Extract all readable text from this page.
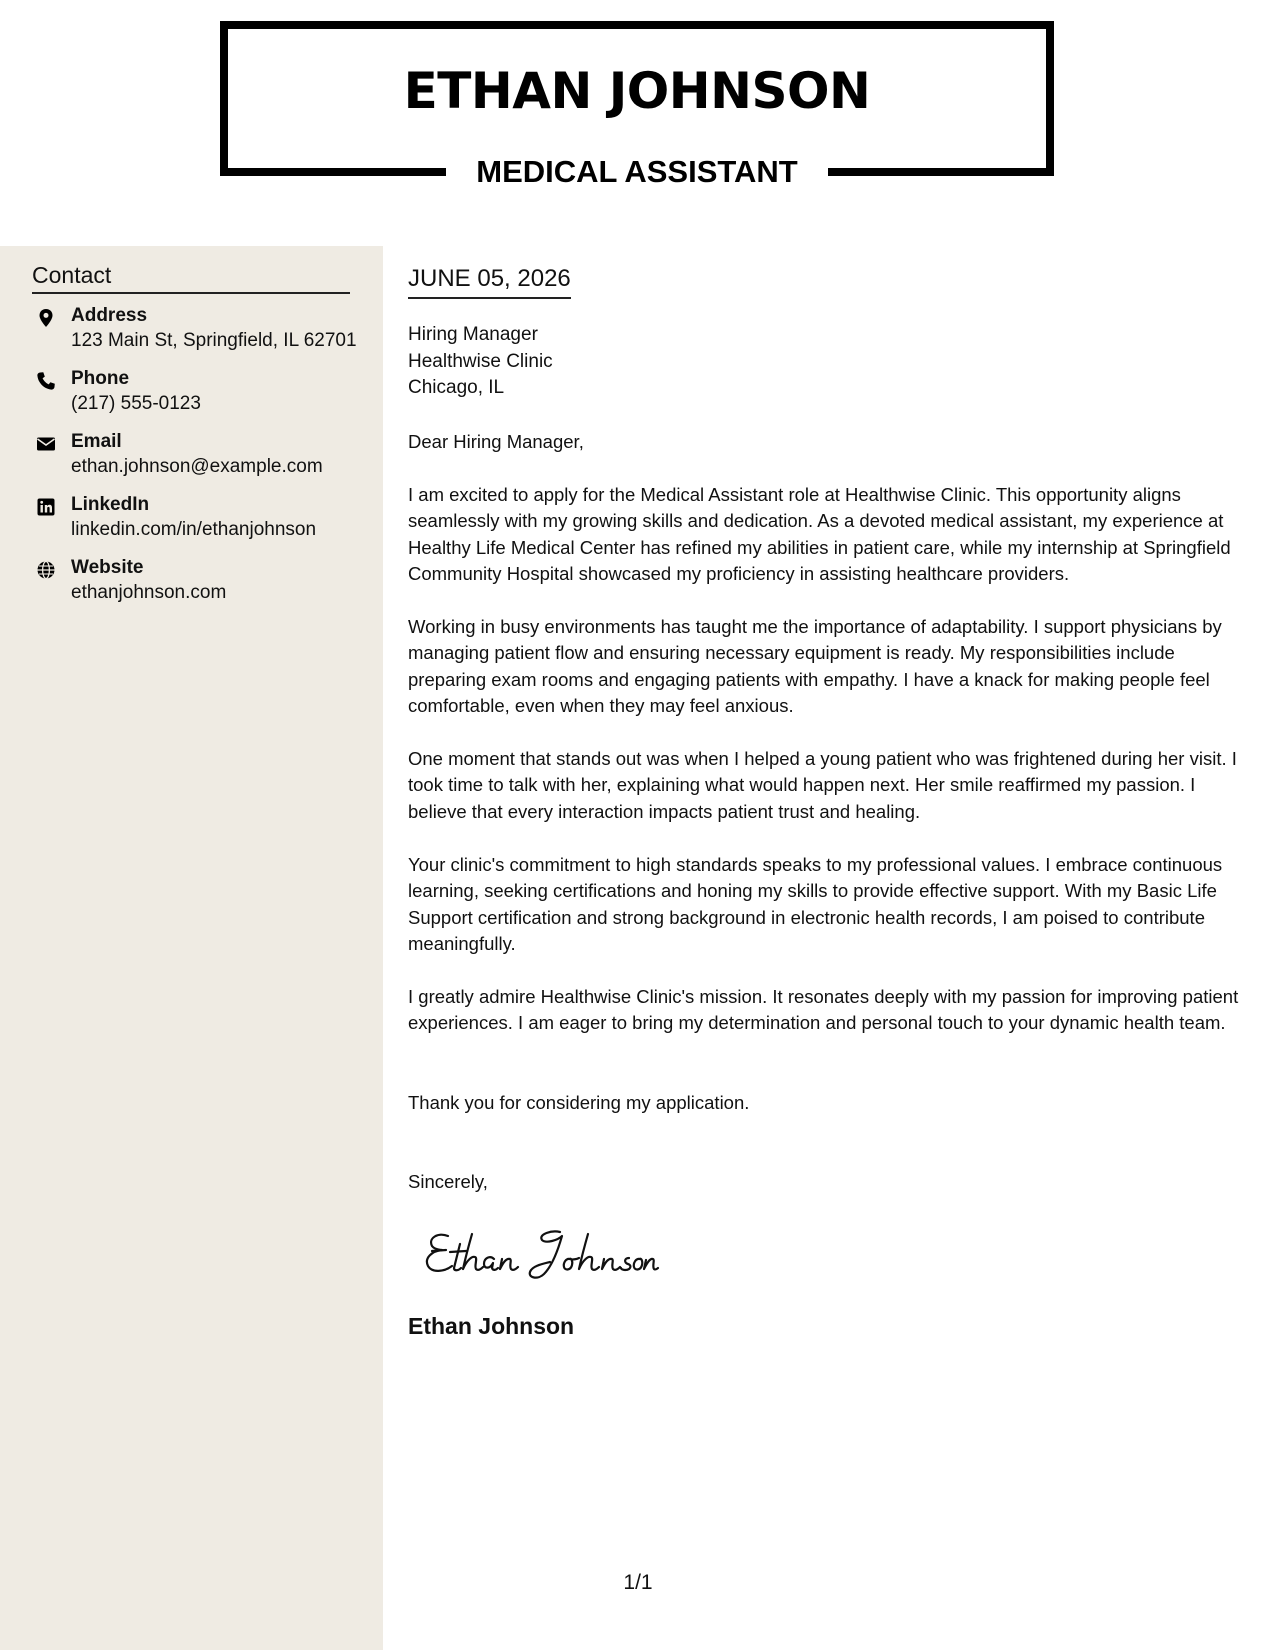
ETHAN JOHNSON
MEDICAL ASSISTANT
Contact
Address
123 Main St, Springfield, IL 62701
Phone
(217) 555-0123
Email
ethan.johnson@example.com
LinkedIn
linkedin.com/in/ethanjohnson
Website
ethanjohnson.com
JUNE 05, 2026
Hiring Manager
Healthwise Clinic
Chicago, IL
Dear Hiring Manager,

I am excited to apply for the Medical Assistant role at Healthwise Clinic. This opportunity aligns seamlessly with my growing skills and dedication. As a devoted medical assistant, my experience at Healthy Life Medical Center has refined my abilities in patient care, while my internship at Springfield Community Hospital showcased my proficiency in assisting healthcare providers.

Working in busy environments has taught me the importance of adaptability. I support physicians by managing patient flow and ensuring necessary equipment is ready. My responsibilities include preparing exam rooms and engaging patients with empathy. I have a knack for making people feel comfortable, even when they may feel anxious.

One moment that stands out was when I helped a young patient who was frightened during her visit. I took time to talk with her, explaining what would happen next. Her smile reaffirmed my passion. I believe that every interaction impacts patient trust and healing.

Your clinic's commitment to high standards speaks to my professional values. I embrace continuous learning, seeking certifications and honing my skills to provide effective support. With my Basic Life Support certification and strong background in electronic health records, I am poised to contribute meaningfully.

I greatly admire Healthwise Clinic's mission. It resonates deeply with my passion for improving patient experiences. I am eager to bring my determination and personal touch to your dynamic health team.

Thank you for considering my application.
Sincerely,
Ethan Johnson
1/1
